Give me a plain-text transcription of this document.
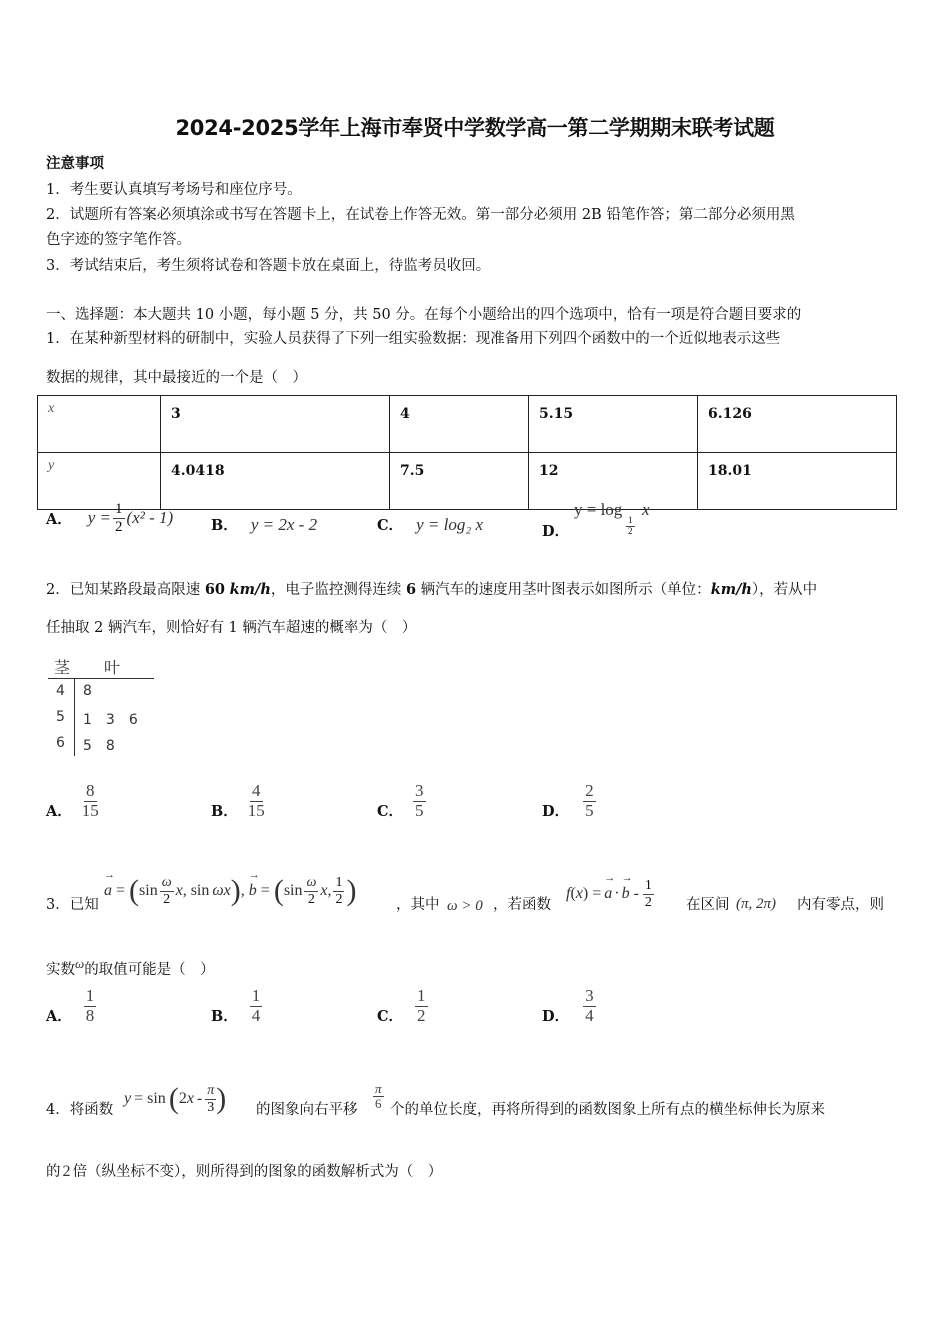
2024-2025学年上海市奉贤中学数学高一第二学期期末联考试题
注意事项
1．考生要认真填写考场号和座位序号。
2．试题所有答案必须填涂或书写在答题卡上，在试卷上作答无效。第一部分必须用 2B 铅笔作答；第二部分必须用黑
色字迹的签字笔作答。
3．考试结束后，考生须将试卷和答题卡放在桌面上，待监考员收回。
一、选择题：本大题共 10 小题，每小题 5 分，共 50 分。在每个小题给出的四个选项中，恰有一项是符合题目要求的
1．在某种新型材料的研制中，实验人员获得了下列一组实验数据：现准备用下列四个函数中的一个近似地表示这些
数据的规律，其中最接近的一个是（　）
x	3	4	5.15	6.126
y	4.0418	7.5	12	18.01
A． $y = \frac{1}{2} (x^2 - 1)$	B． y = 2x - 2	C． y = log₂ x	D．
y = log
$\frac{1}{2}$
x
2．已知某路段最高限速 60 km/h，电子监控测得连续 6 辆汽车的速度用茎叶图表示如图所示（单位：km/h），若从中
任抽取 2 辆汽车，则恰好有 1 辆汽车超速的概率为（　）
茎 叶
4 8
5 1　3　6
6 5　8
A． $\frac{8}{15}$	B． $\frac{4}{15}$	C． $\frac{3}{5}$	D． $\frac{2}{5}$
3．已知
→
a = ( $\sin \frac{\omega}{2}$ x , sin ωx ) ,
→
b = ( $\sin \frac{\omega}{2}$ x , $\frac{1}{2}$ )	，其中 ω > 0 ，若函数
f ( x ) =
→
a ·
→
b - $\frac{1}{2}$ 在区间 (π, 2π) 内有零点，则
实数ω的取值可能是（　）
A． $\frac{1}{8}$	B． $\frac{1}{4}$	C． $\frac{1}{2}$	D． $\frac{3}{4}$
4．将函数
y = sin ( 2 x - $\frac{\pi}{3}$ ) 的图象向右平移 $\frac{\pi}{6}$ 个的单位长度，再将所得到的函数图象上所有点的横坐标伸长为原来
的 2 倍（纵坐标不变），则所得到的图象的函数解析式为（　）
